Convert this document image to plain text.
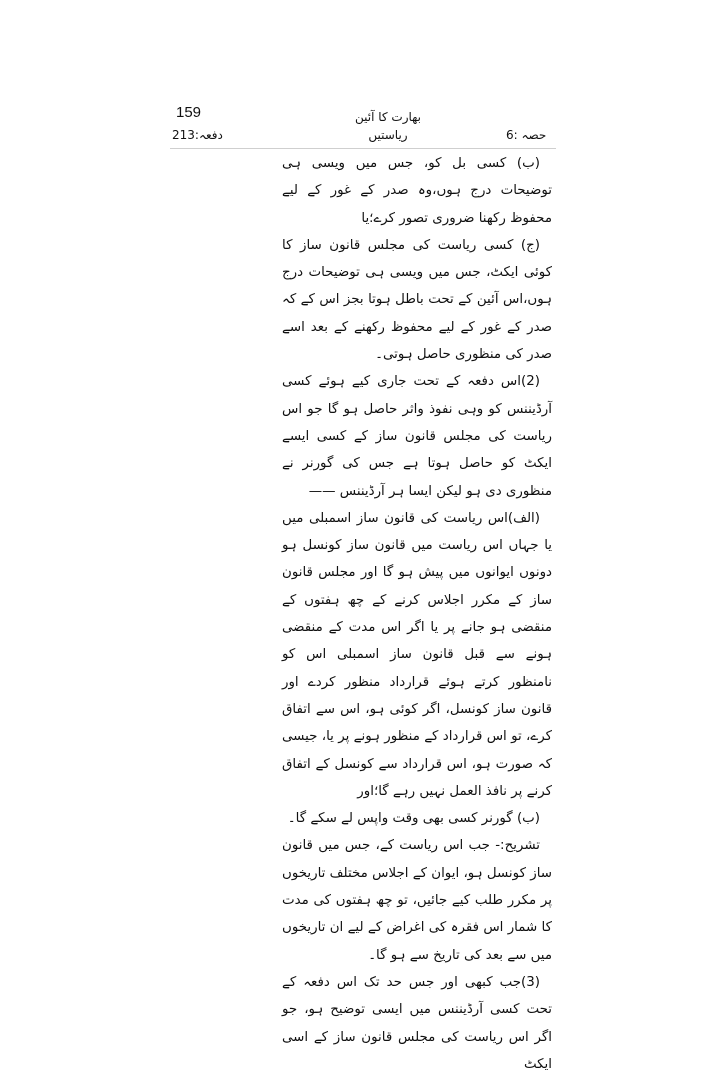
159	بھارت کا آئین
دفعہ:213	ریاستیں	حصہ :6

(ب) کسی بل کو، جس میں ویسی ہی توضیحات درج ہوں،وہ صدر کے غور کے لیے محفوظ رکھنا ضروری تصور کرے؛یا

(ج) کسی ریاست کی مجلس قانون ساز کا کوئی ایکٹ، جس میں ویسی ہی توضیحات درج ہوں،اس آئین کے تحت باطل ہوتا بجز اس کے کہ صدر کے غور کے لیے محفوظ رکھنے کے بعد اسے صدر کی منظوری حاصل ہوتی۔

(2)اس دفعہ کے تحت جاری کیے ہوئے کسی آرڈیننس کو وہی نفوذ واثر حاصل ہو گا جو اس ریاست کی مجلس قانون ساز کے کسی ایسے ایکٹ کو حاصل ہوتا ہے جس کی گورنر نے منظوری دی ہو لیکن ایسا ہر آرڈیننس ——

(الف)اس ریاست کی قانون ساز اسمبلی میں یا جہاں اس ریاست میں قانون ساز کونسل ہو دونوں ایوانوں میں پیش ہو گا اور مجلس قانون ساز کے مکرر اجلاس کرنے کے چھ ہفتوں کے منقضی ہو جانے پر یا اگر اس مدت کے منقضی ہونے سے قبل قانون ساز اسمبلی اس کو نامنظور کرتے ہوئے قرارداد منظور کردے اور قانون ساز کونسل، اگر کوئی ہو، اس سے اتفاق کرے، تو اس قرارداد کے منظور ہونے پر یا، جیسی کہ صورت ہو، اس قرارداد سے کونسل کے اتفاق کرنے پر نافذ العمل نہیں رہے گا؛اور

(ب) گورنر کسی بھی وقت واپس لے سکے گا۔

تشریح:- جب اس ریاست کے، جس میں قانون ساز کونسل ہو، ایوان کے اجلاس مختلف تاریخوں پر مکرر طلب کیے جائیں، تو چھ ہفتوں کی مدت کا شمار اس فقرہ کی اغراض کے لیے ان تاریخوں میں سے بعد کی تاریخ سے ہو گا۔

(3)جب کبھی اور جس حد تک اس دفعہ کے تحت کسی آرڈیننس میں ایسی توضیح ہو، جو اگر اس ریاست کی مجلس قانون ساز کے اسی ایکٹ
